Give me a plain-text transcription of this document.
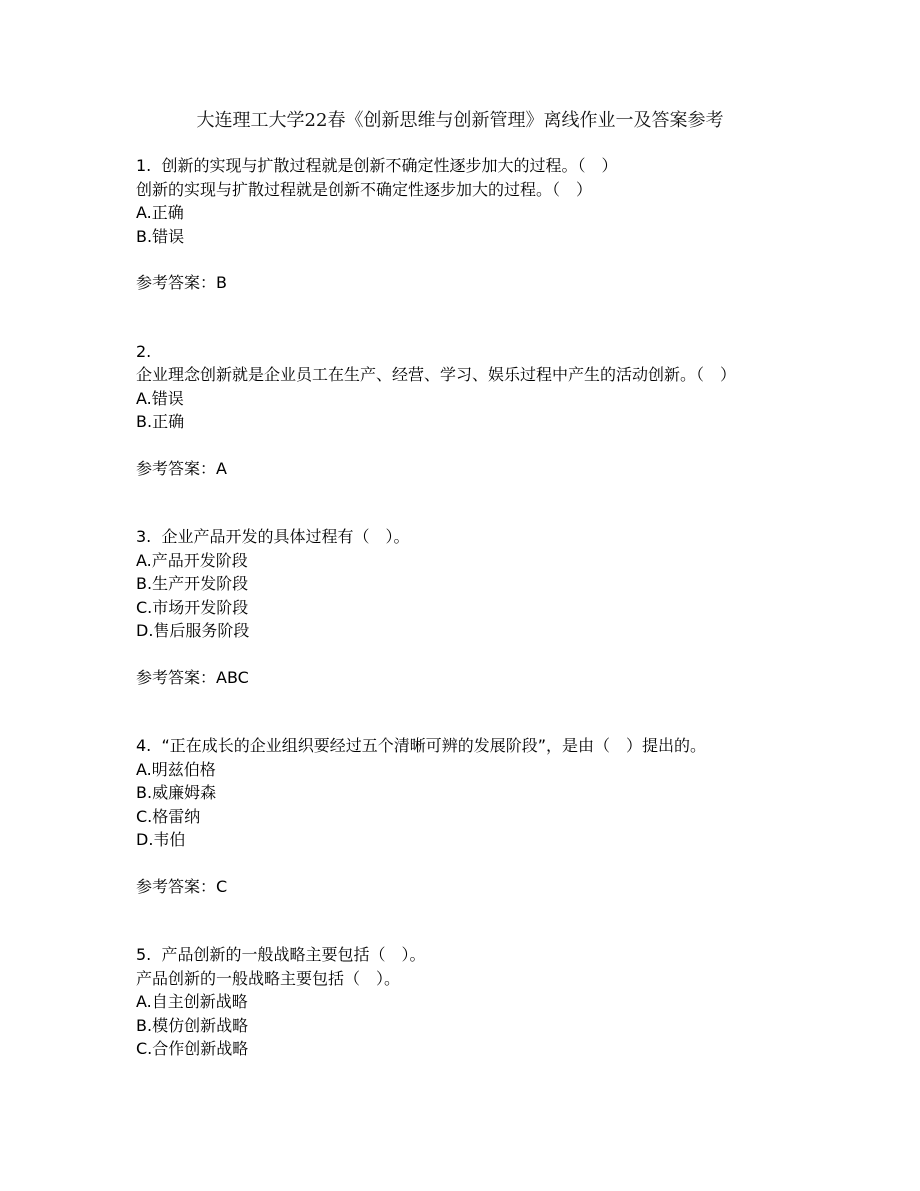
大连理工大学22春《创新思维与创新管理》离线作业一及答案参考
1. 创新的实现与扩散过程就是创新不确定性逐步加大的过程。（　）
创新的实现与扩散过程就是创新不确定性逐步加大的过程。（　）
A.正确
B.错误
参考答案：B
2.
企业理念创新就是企业员工在生产、经营、学习、娱乐过程中产生的活动创新。（　）
A.错误
B.正确
参考答案：A
3. 企业产品开发的具体过程有（　）。
A.产品开发阶段
B.生产开发阶段
C.市场开发阶段
D.售后服务阶段
参考答案：ABC
4. “正在成长的企业组织要经过五个清晰可辨的发展阶段”，是由（　）提出的。
A.明兹伯格
B.威廉姆森
C.格雷纳
D.韦伯
参考答案：C
5. 产品创新的一般战略主要包括（　）。
产品创新的一般战略主要包括（　）。
A.自主创新战略
B.模仿创新战略
C.合作创新战略
